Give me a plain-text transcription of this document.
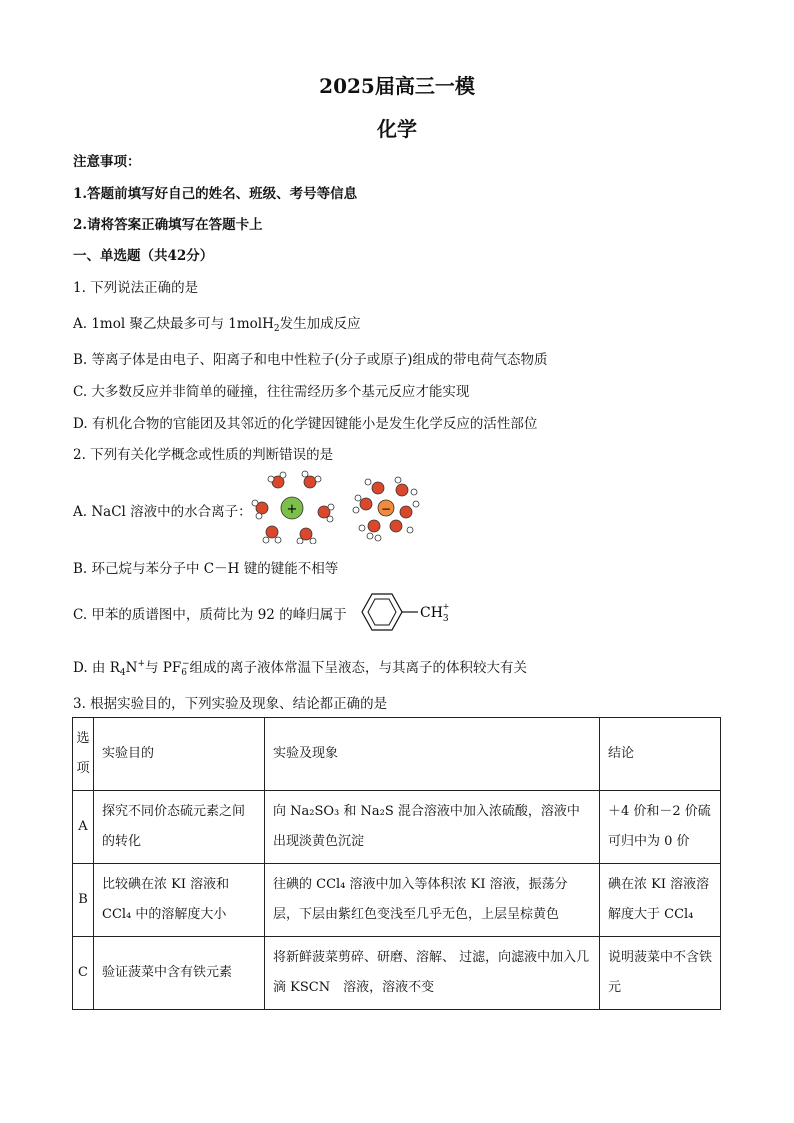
2025届高三一模
化学
注意事项：
1.答题前填写好自己的姓名、班级、考号等信息
2.请将答案正确填写在答题卡上
一、单选题（共42分）
1. 下列说法正确的是
A. 1mol 聚乙炔最多可与 1molH$_2$发生加成反应
B. 等离子体是由电子、阳离子和电中性粒子(分子或原子)组成的带电荷气态物质
C. 大多数反应并非简单的碰撞，往往需经历多个基元反应才能实现
D. 有机化合物的官能团及其邻近的化学键因键能小是发生化学反应的活性部位
2. 下列有关化学概念或性质的判断错误的是
A. NaCl 溶液中的水合离子：	+	−
B. 环己烷与苯分子中 C－H 键的键能不相等
C. 甲苯的质谱图中，质荷比为 92 的峰归属于	$CH_3+$
D. 由 $R_4N^+$与 $PF_6^-$组成的离子液体常温下呈液态，与其离子的体积较大有关
3. 根据实验目的，下列实验及现象、结论都正确的是
选项	实验目的	实验及现象	结论
A	探究不同价态硫元素之间的转化	向 Na₂SO₃ 和 Na₂S 混合溶液中加入浓硫酸，溶液中出现淡黄色沉淀	＋4 价和－2 价硫可归中为 0 价
B	比较碘在浓 KI 溶液和 CCl₄ 中的溶解度大小	往碘的 CCl₄ 溶液中加入等体积浓 KI 溶液，振荡分层，下层由紫红色变浅至几乎无色，上层呈棕黄色	碘在浓 KI 溶液溶解度大于 CCl₄
C	验证菠菜中含有铁元素	将新鲜菠菜剪碎、研磨、溶解、 过滤，向滤液中加入几滴 KSCN　溶液，溶液不变	说明菠菜中不含铁元
